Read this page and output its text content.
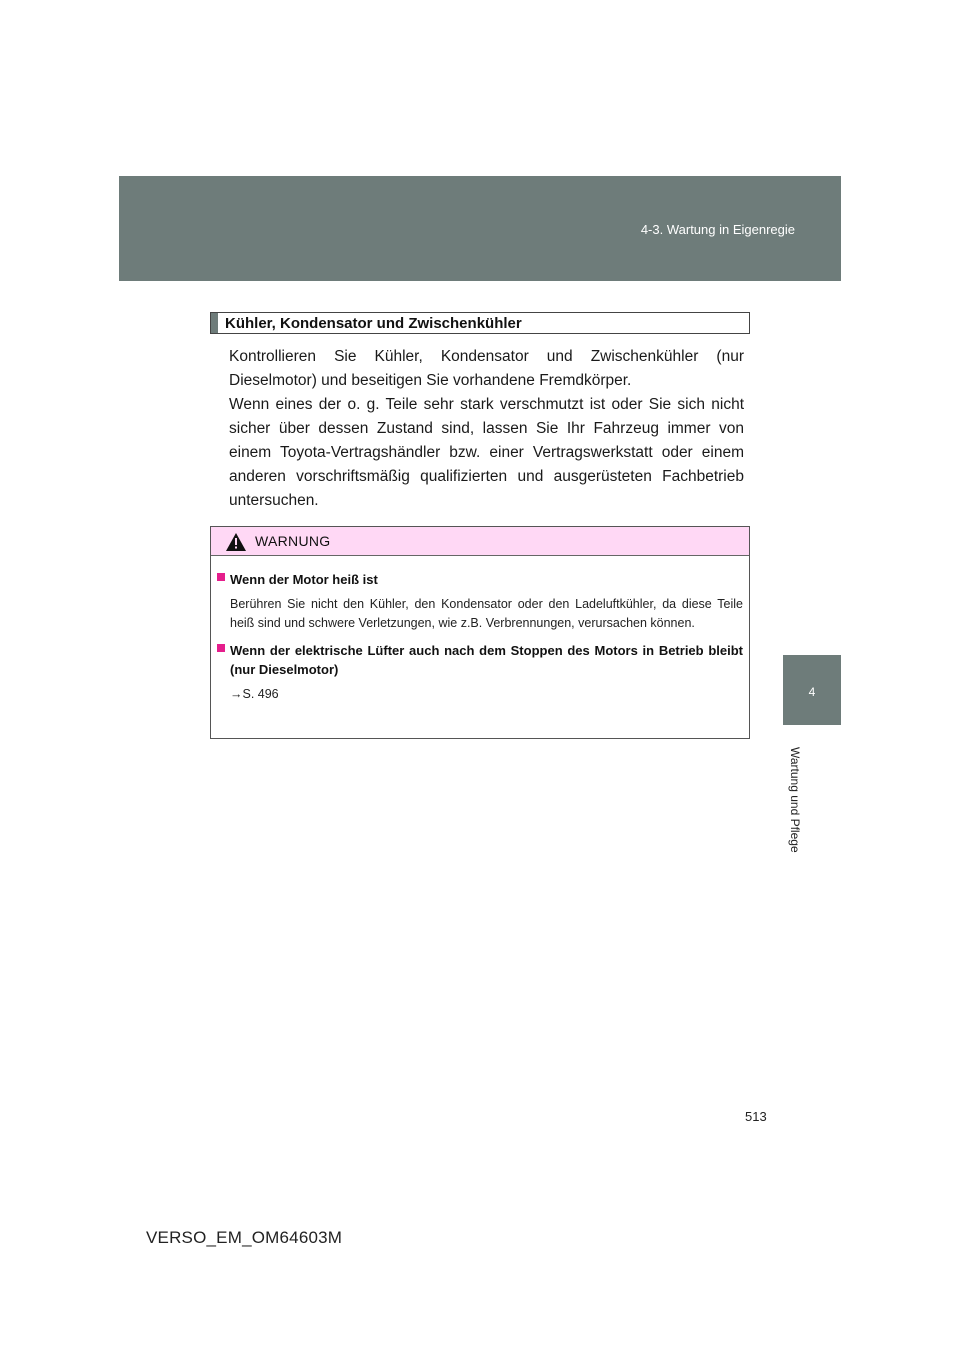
4-3. Wartung in Eigenregie
4
Wartung und Pflege
Kühler, Kondensator und Zwischenkühler

Kontrollieren Sie Kühler, Kondensator und Zwischenkühler (nur Dieselmotor) und beseitigen Sie vorhandene Fremdkörper.

Wenn eines der o. g. Teile sehr stark verschmutzt ist oder Sie sich nicht sicher über dessen Zustand sind, lassen Sie Ihr Fahrzeug immer von einem Toyota-Vertragshändler bzw. einer Vertragswerkstatt oder einem anderen vorschriftsmäßig qualifizierten und ausgerüsteten Fachbetrieb untersuchen.

WARNUNG
Wenn der Motor heiß ist
Berühren Sie nicht den Kühler, den Kondensator oder den Ladeluftkühler, da diese Teile heiß sind und schwere Verletzungen, wie z.B. Verbrennungen, verursachen können.
Wenn der elektrische Lüfter auch nach dem Stoppen des Motors in Betrieb bleibt (nur Dieselmotor)
→S. 496
513
VERSO_EM_OM64603M
